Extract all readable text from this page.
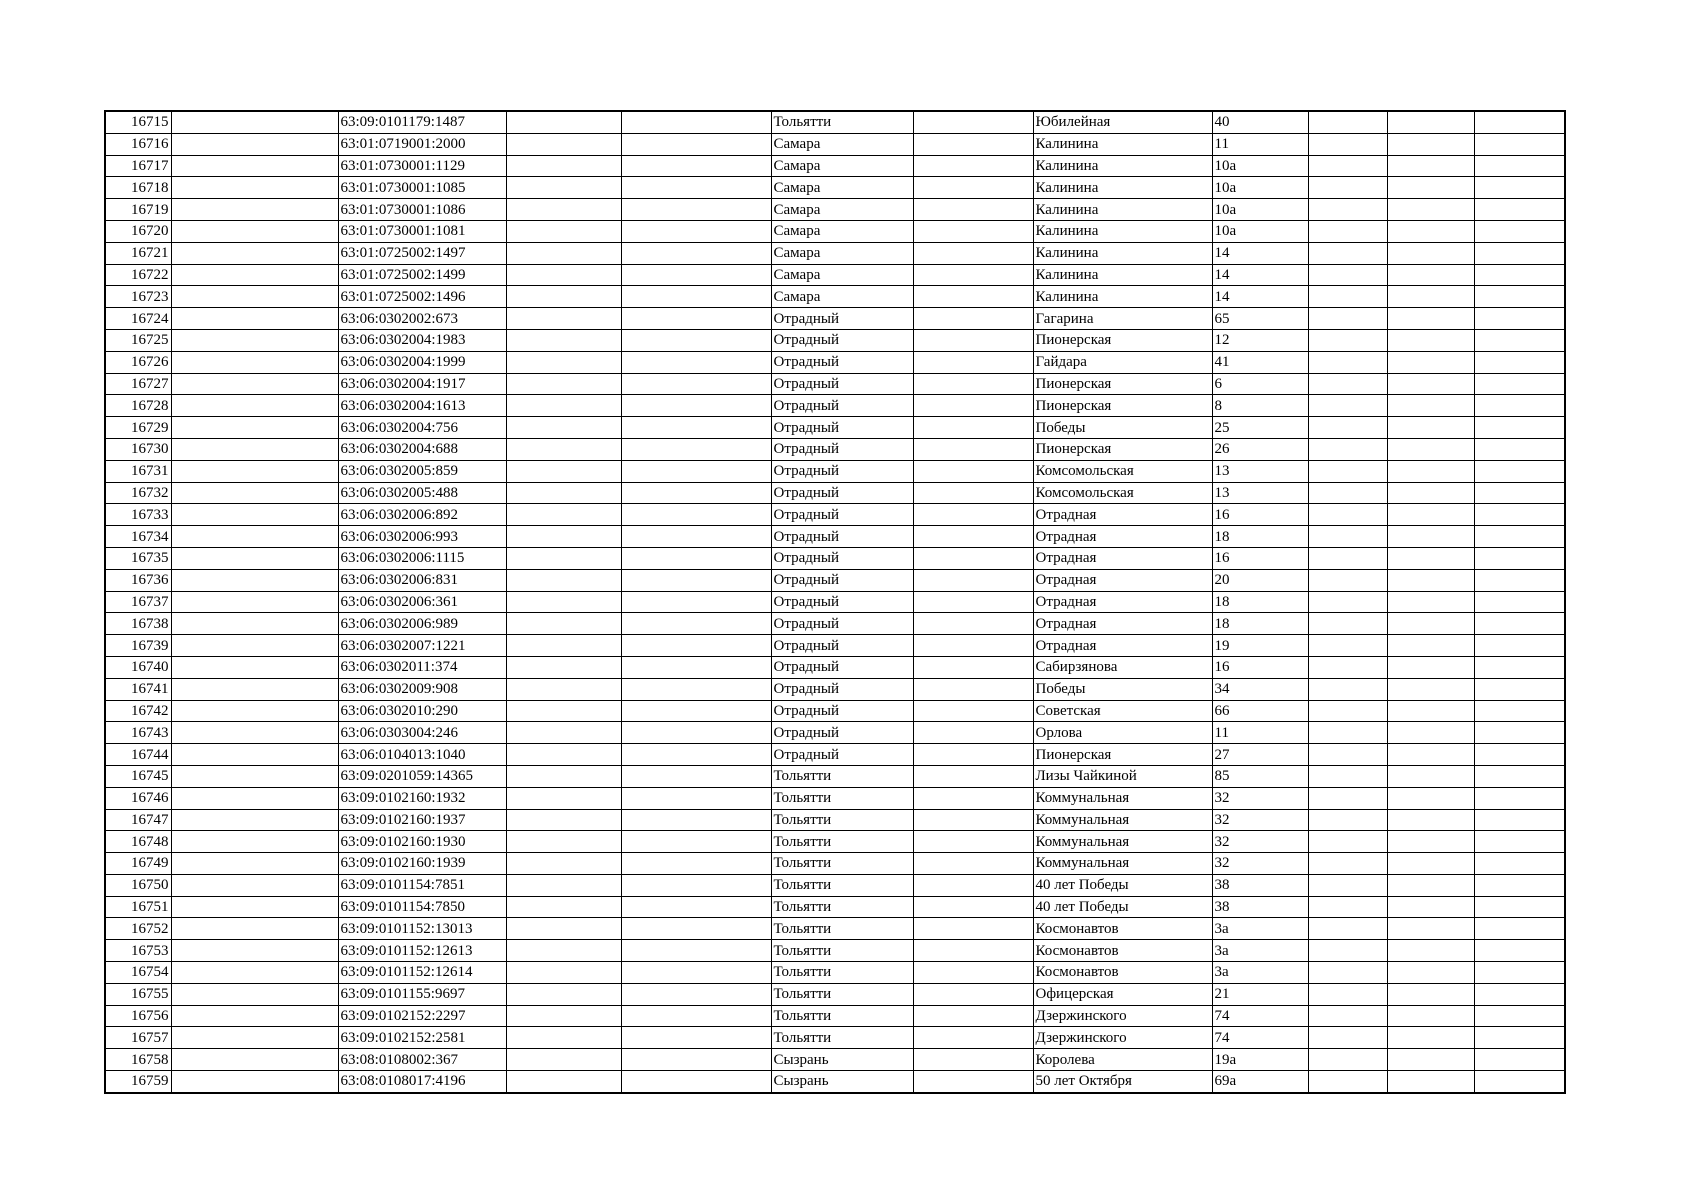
16715		63:09:0101179:1487			Тольятти		Юбилейная	40			
16716		63:01:0719001:2000			Самара		Калинина	11			
16717		63:01:0730001:1129			Самара		Калинина	10а			
16718		63:01:0730001:1085			Самара		Калинина	10а			
16719		63:01:0730001:1086			Самара		Калинина	10а			
16720		63:01:0730001:1081			Самара		Калинина	10а			
16721		63:01:0725002:1497			Самара		Калинина	14			
16722		63:01:0725002:1499			Самара		Калинина	14			
16723		63:01:0725002:1496			Самара		Калинина	14			
16724		63:06:0302002:673			Отрадный		Гагарина	65			
16725		63:06:0302004:1983			Отрадный		Пионерская	12			
16726		63:06:0302004:1999			Отрадный		Гайдара	41			
16727		63:06:0302004:1917			Отрадный		Пионерская	6			
16728		63:06:0302004:1613			Отрадный		Пионерская	8			
16729		63:06:0302004:756			Отрадный		Победы	25			
16730		63:06:0302004:688			Отрадный		Пионерская	26			
16731		63:06:0302005:859			Отрадный		Комсомольская	13			
16732		63:06:0302005:488			Отрадный		Комсомольская	13			
16733		63:06:0302006:892			Отрадный		Отрадная	16			
16734		63:06:0302006:993			Отрадный		Отрадная	18			
16735		63:06:0302006:1115			Отрадный		Отрадная	16			
16736		63:06:0302006:831			Отрадный		Отрадная	20			
16737		63:06:0302006:361			Отрадный		Отрадная	18			
16738		63:06:0302006:989			Отрадный		Отрадная	18			
16739		63:06:0302007:1221			Отрадный		Отрадная	19			
16740		63:06:0302011:374			Отрадный		Сабирзянова	16			
16741		63:06:0302009:908			Отрадный		Победы	34			
16742		63:06:0302010:290			Отрадный		Советская	66			
16743		63:06:0303004:246			Отрадный		Орлова	11			
16744		63:06:0104013:1040			Отрадный		Пионерская	27			
16745		63:09:0201059:14365			Тольятти		Лизы Чайкиной	85			
16746		63:09:0102160:1932			Тольятти		Коммунальная	32			
16747		63:09:0102160:1937			Тольятти		Коммунальная	32			
16748		63:09:0102160:1930			Тольятти		Коммунальная	32			
16749		63:09:0102160:1939			Тольятти		Коммунальная	32			
16750		63:09:0101154:7851			Тольятти		40 лет Победы	38			
16751		63:09:0101154:7850			Тольятти		40 лет Победы	38			
16752		63:09:0101152:13013			Тольятти		Космонавтов	3а			
16753		63:09:0101152:12613			Тольятти		Космонавтов	3а			
16754		63:09:0101152:12614			Тольятти		Космонавтов	3а			
16755		63:09:0101155:9697			Тольятти		Офицерская	21			
16756		63:09:0102152:2297			Тольятти		Дзержинского	74			
16757		63:09:0102152:2581			Тольятти		Дзержинского	74			
16758		63:08:0108002:367			Сызрань		Королева	19а			
16759		63:08:0108017:4196			Сызрань		50 лет Октября	69а			
